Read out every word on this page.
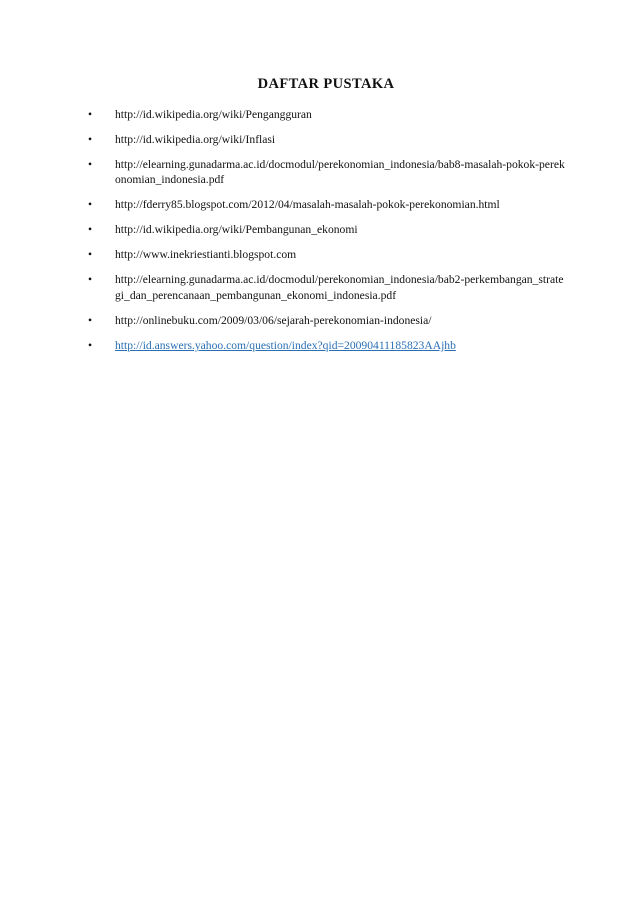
DAFTAR PUSTAKA
•	http://id.wikipedia.org/wiki/Pengangguran
•	http://id.wikipedia.org/wiki/Inflasi
•	http://elearning.gunadarma.ac.id/docmodul/perekonomian_indonesia/bab8-masalah-pokok-perekonomian_indonesia.pdf
•	http://fderry85.blogspot.com/2012/04/masalah-masalah-pokok-perekonomian.html
•	http://id.wikipedia.org/wiki/Pembangunan_ekonomi
•	http://www.inekriestianti.blogspot.com
•	http://elearning.gunadarma.ac.id/docmodul/perekonomian_indonesia/bab2-perkembangan_strategi_dan_perencanaan_pembangunan_ekonomi_indonesia.pdf
•	http://onlinebuku.com/2009/03/06/sejarah-perekonomian-indonesia/
•	http://id.answers.yahoo.com/question/index?qid=20090411185823AAjhb
